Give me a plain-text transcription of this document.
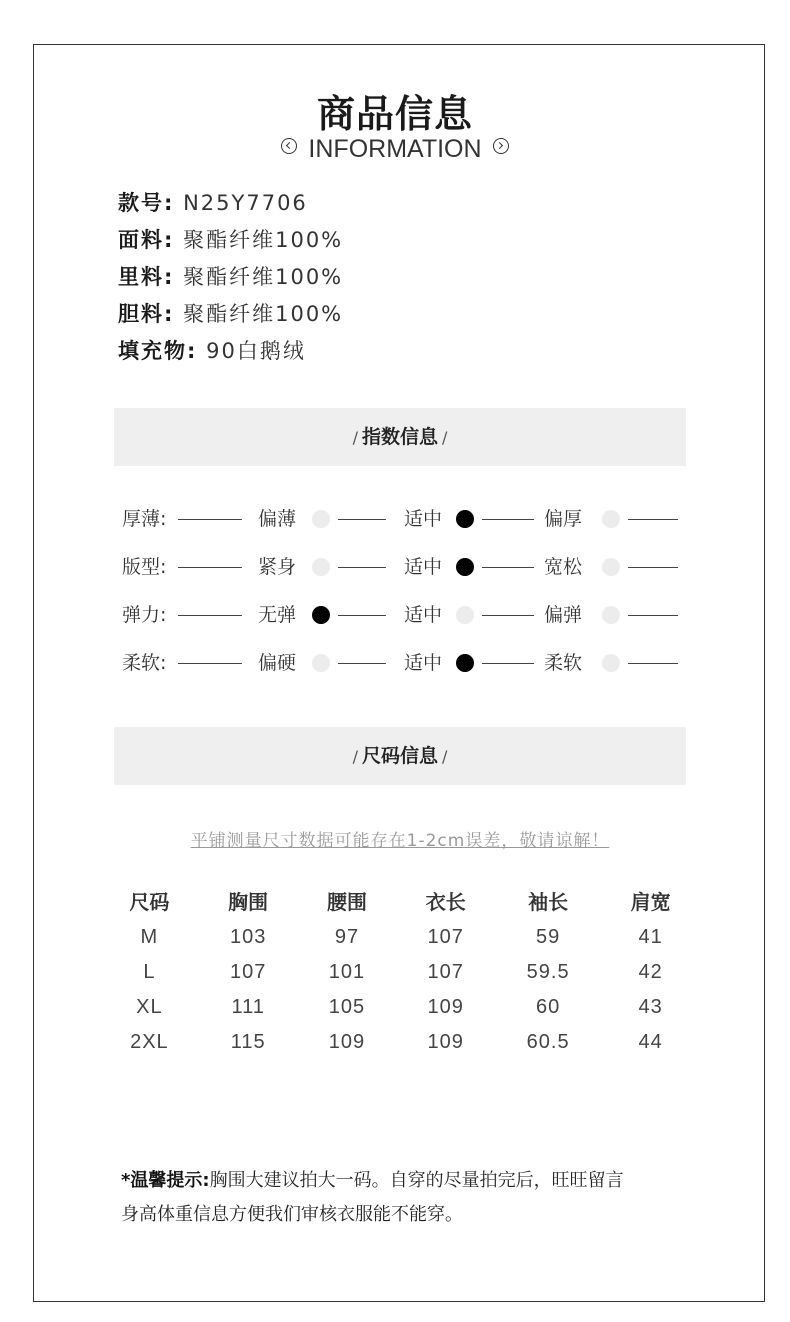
商品信息
INFORMATION
款号: N25Y7706
面料: 聚酯纤维100%
里料: 聚酯纤维100%
胆料: 聚酯纤维100%
填充物: 90白鹅绒
/ 指数信息 /
厚薄:	偏薄	适中	偏厚
版型:	紧身	适中	宽松
弹力:	无弹	适中	偏弹
柔软:	偏硬	适中	柔软
/ 尺码信息 /
平铺测量尺寸数据可能存在1-2cm误差，敬请谅解！
尺码	胸围	腰围	衣长	袖长	肩宽
M	103	97	107	59	41
L	107	101	107	59.5	42
XL	111	105	109	60	43
2XL	115	109	109	60.5	44
*温馨提示:胸围大建议拍大一码。自穿的尽量拍完后，旺旺留言
身高体重信息方便我们审核衣服能不能穿。
